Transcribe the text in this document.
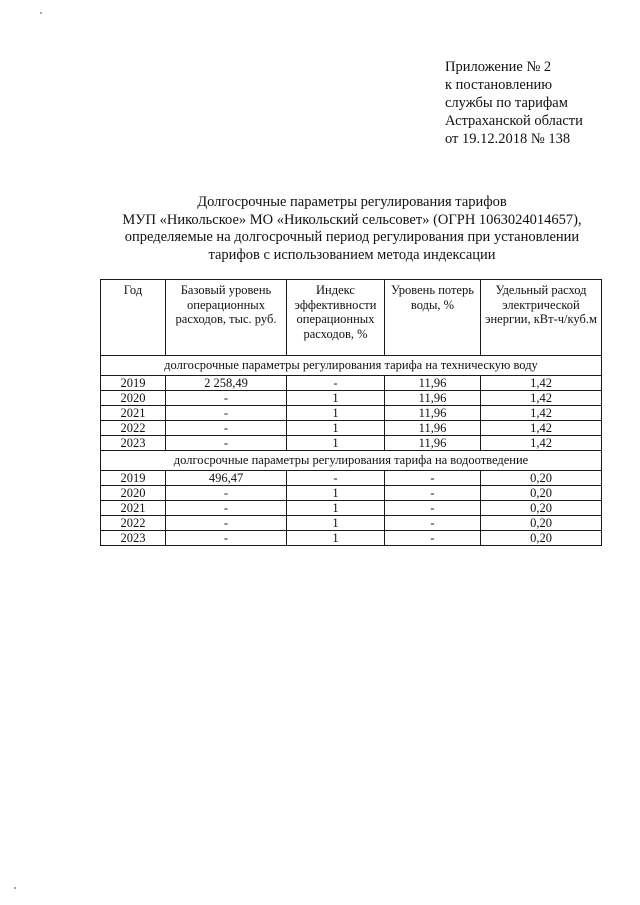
Приложение № 2
к постановлению
службы по тарифам
Астраханской области
от 19.12.2018 № 138
Долгосрочные параметры регулирования тарифов
МУП «Никольское» МО «Никольский сельсовет» (ОГРН 1063024014657),
определяемые на долгосрочный период регулирования при установлении
тарифов с использованием метода индексации
Год	Базовый уровень операционных расходов, тыс. руб.	Индекс эффективности операционных расходов, %	Уровень потерь воды, %	Удельный расход электрической энергии, кВт-ч/куб.м
долгосрочные параметры регулирования тарифа на техническую воду				
2019	2 258,49	-	11,96	1,42
2020	-	1	11,96	1,42
2021	-	1	11,96	1,42
2022	-	1	11,96	1,42
2023	-	1	11,96	1,42
долгосрочные параметры регулирования тарифа на водоотведение				
2019	496,47	-	-	0,20
2020	-	1	-	0,20
2021	-	1	-	0,20
2022	-	1	-	0,20
2023	-	1	-	0,20
